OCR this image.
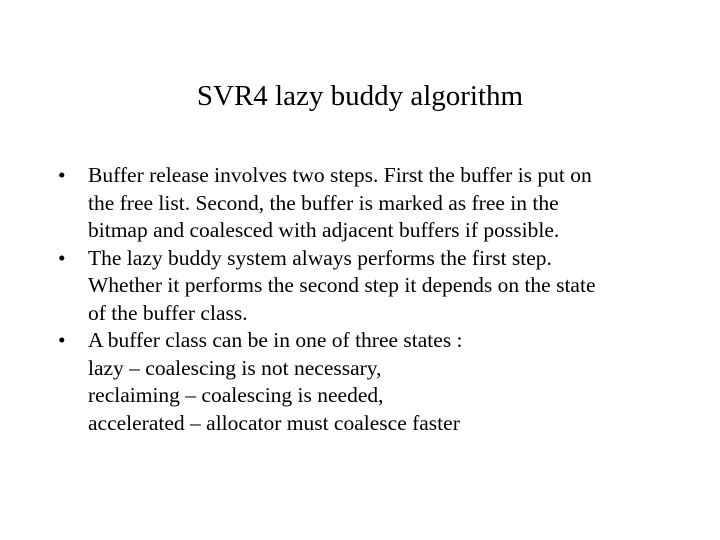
SVR4 lazy buddy algorithm
•	Buffer release involves two steps. First the buffer is put on
the free list. Second, the buffer is marked as free in the
bitmap and coalesced with adjacent buffers if possible.
•	The lazy buddy system always performs the first step.
Whether it performs the second step it depends on the state
of the buffer class.
•	A buffer class can be in one of three states :
lazy – coalescing is not necessary,
reclaiming – coalescing is needed,
accelerated – allocator must coalesce faster
